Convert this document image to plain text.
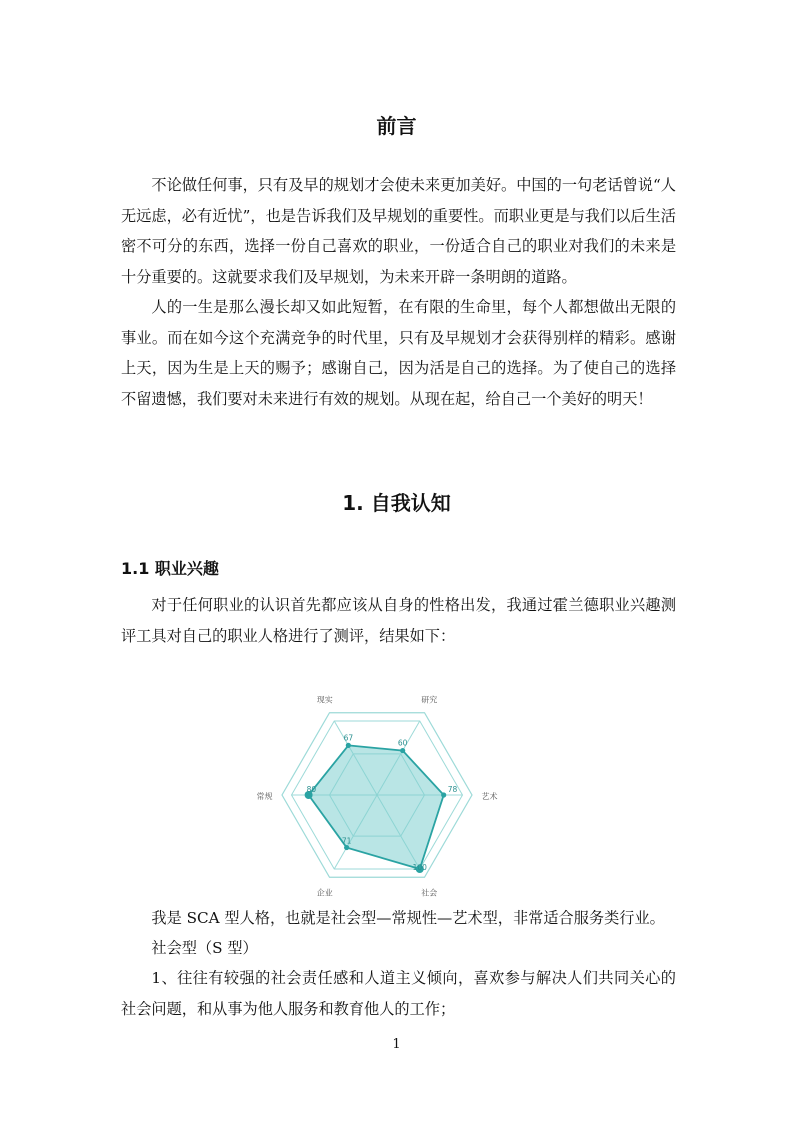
前言
不论做任何事，只有及早的规划才会使未来更加美好。中国的一句老话曾说“人无远虑，必有近忧”，也是告诉我们及早规划的重要性。而职业更是与我们以后生活密不可分的东西，选择一份自己喜欢的职业，一份适合自己的职业对我们的未来是十分重要的。这就要求我们及早规划，为未来开辟一条明朗的道路。
人的一生是那么漫长却又如此短暂，在有限的生命里，每个人都想做出无限的事业。而在如今这个充满竞争的时代里，只有及早规划才会获得别样的精彩。感谢上天，因为生是上天的赐予；感谢自己，因为活是自己的选择。为了使自己的选择不留遗憾，我们要对未来进行有效的规划。从现在起，给自己一个美好的明天！
1. 自我认知
1.1 职业兴趣
对于任何职业的认识首先都应该从自身的性格出发，我通过霍兰德职业兴趣测评工具对自己的职业人格进行了测评，结果如下：
现实	研究
艺术
社会
企业
常规
67
60
78
100
71
80
我是 SCA 型人格，也就是社会型—常规性—艺术型，非常适合服务类行业。
社会型（S 型）
1、往往有较强的社会责任感和人道主义倾向，喜欢参与解决人们共同关心的社会问题，和从事为他人服务和教育他人的工作；
1
